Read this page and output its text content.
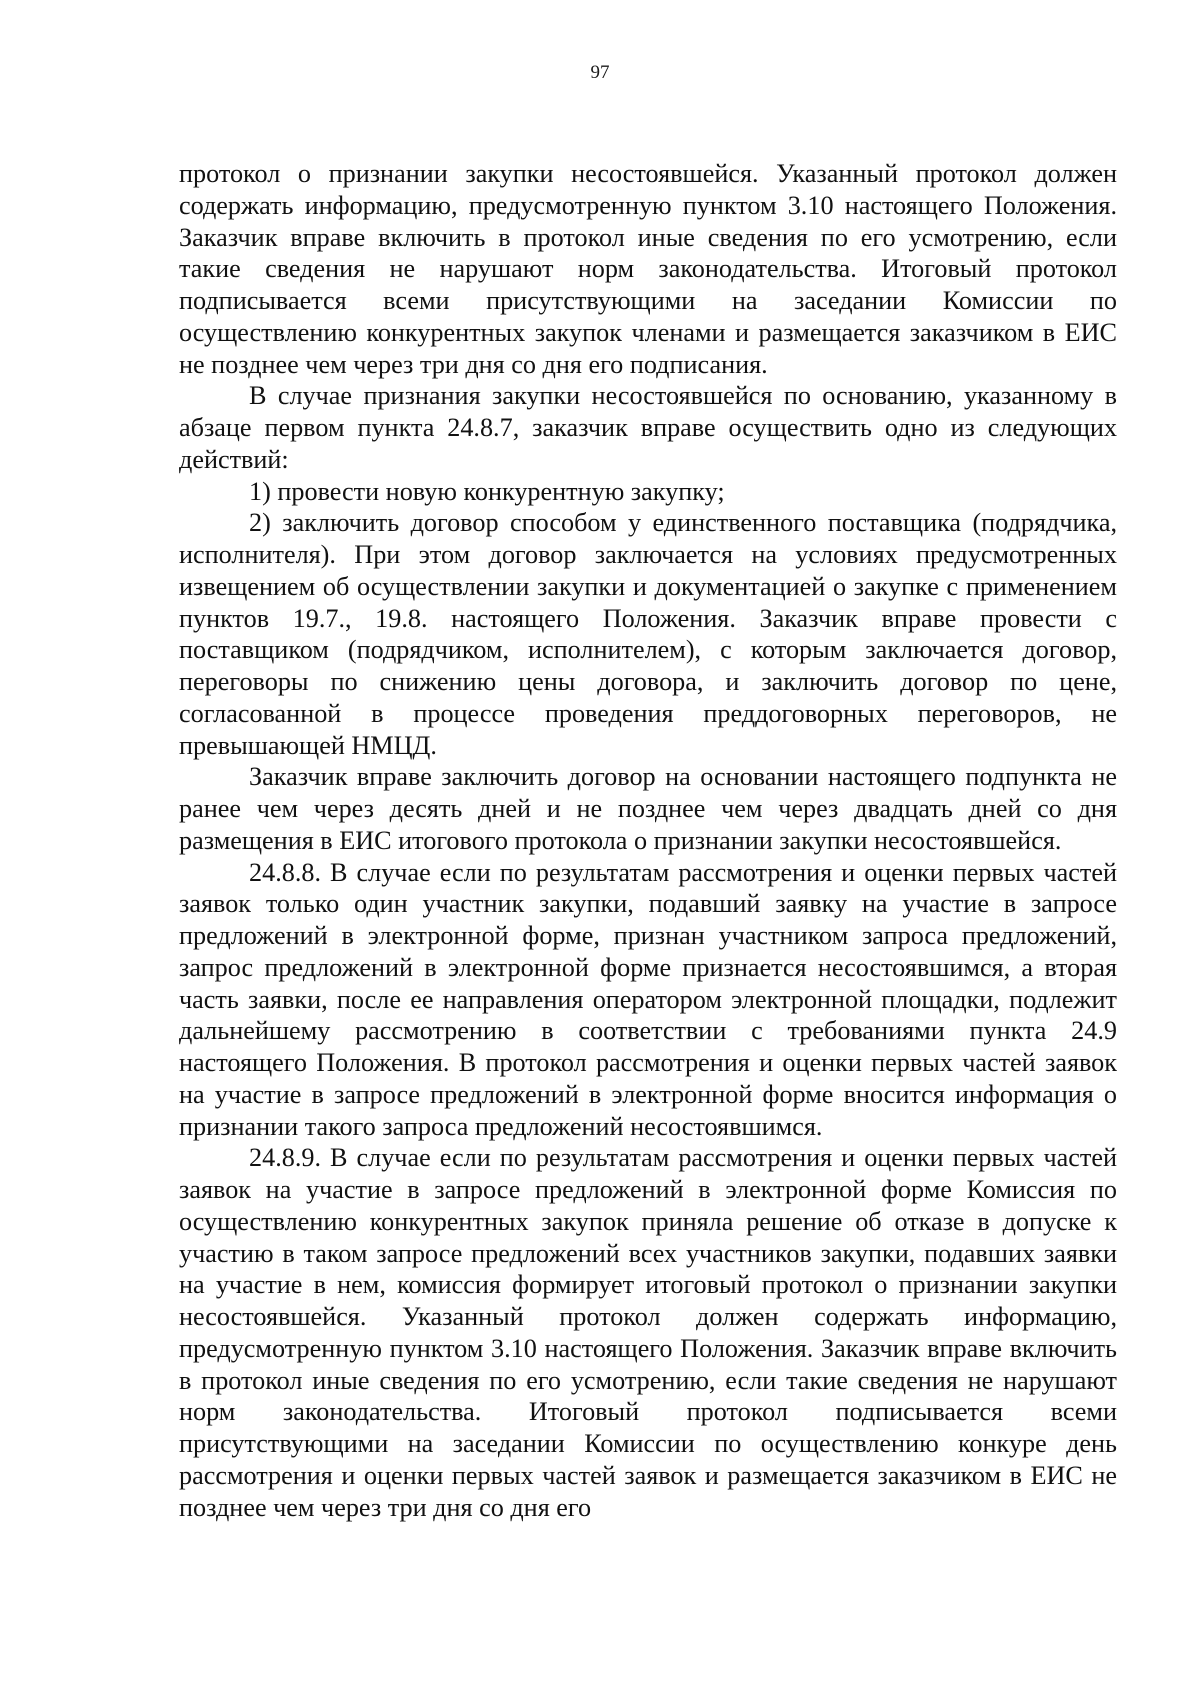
97

протокол о признании закупки несостоявшейся. Указанный протокол должен содержать информацию, предусмотренную пунктом 3.10 настоящего Положения. Заказчик вправе включить в протокол иные сведения по его усмотрению, если такие сведения не нарушают норм законодательства. Итоговый протокол подписывается всеми присутствующими на заседании Комиссии по осуществлению конкурентных закупок членами и размещается заказчиком в ЕИС не позднее чем через три дня со дня его подписания.

В случае признания закупки несостоявшейся по основанию, указанному в абзаце первом пункта 24.8.7, заказчик вправе осуществить одно из следующих действий:

1) провести новую конкурентную закупку;

2) заключить договор способом у единственного поставщика (подрядчика, исполнителя). При этом договор заключается на условиях предусмотренных извещением об осуществлении закупки и документацией о закупке с применением пунктов 19.7., 19.8. настоящего Положения. Заказчик вправе провести с поставщиком (подрядчиком, исполнителем), с которым заключается договор, переговоры по снижению цены договора, и заключить договор по цене, согласованной в процессе проведения преддоговорных переговоров, не превышающей НМЦД.

Заказчик вправе заключить договор на основании настоящего подпункта не ранее чем через десять дней и не позднее чем через двадцать дней со дня размещения в ЕИС итогового протокола о признании закупки несостоявшейся.

24.8.8. В случае если по результатам рассмотрения и оценки первых частей заявок только один участник закупки, подавший заявку на участие в запросе предложений в электронной форме, признан участником запроса предложений, запрос предложений в электронной форме признается несостоявшимся, а вторая часть заявки, после ее направления оператором электронной площадки, подлежит дальнейшему рассмотрению в соответствии с требованиями пункта 24.9 настоящего Положения. В протокол рассмотрения и оценки первых частей заявок на участие в запросе предложений в электронной форме вносится информация о признании такого запроса предложений несостоявшимся.

24.8.9. В случае если по результатам рассмотрения и оценки первых частей заявок на участие в запросе предложений в электронной форме Комиссия по осуществлению конкурентных закупок приняла решение об отказе в допуске к участию в таком запросе предложений всех участников закупки, подавших заявки на участие в нем, комиссия формирует итоговый протокол о признании закупки несостоявшейся. Указанный протокол должен содержать информацию, предусмотренную пунктом 3.10 настоящего Положения. Заказчик вправе включить в протокол иные сведения по его усмотрению, если такие сведения не нарушают норм законодательства. Итоговый протокол подписывается всеми присутствующими на заседании Комиссии по осуществлению конкуре день рассмотрения и оценки первых частей заявок и размещается заказчиком в ЕИС не позднее чем через три дня со дня его
